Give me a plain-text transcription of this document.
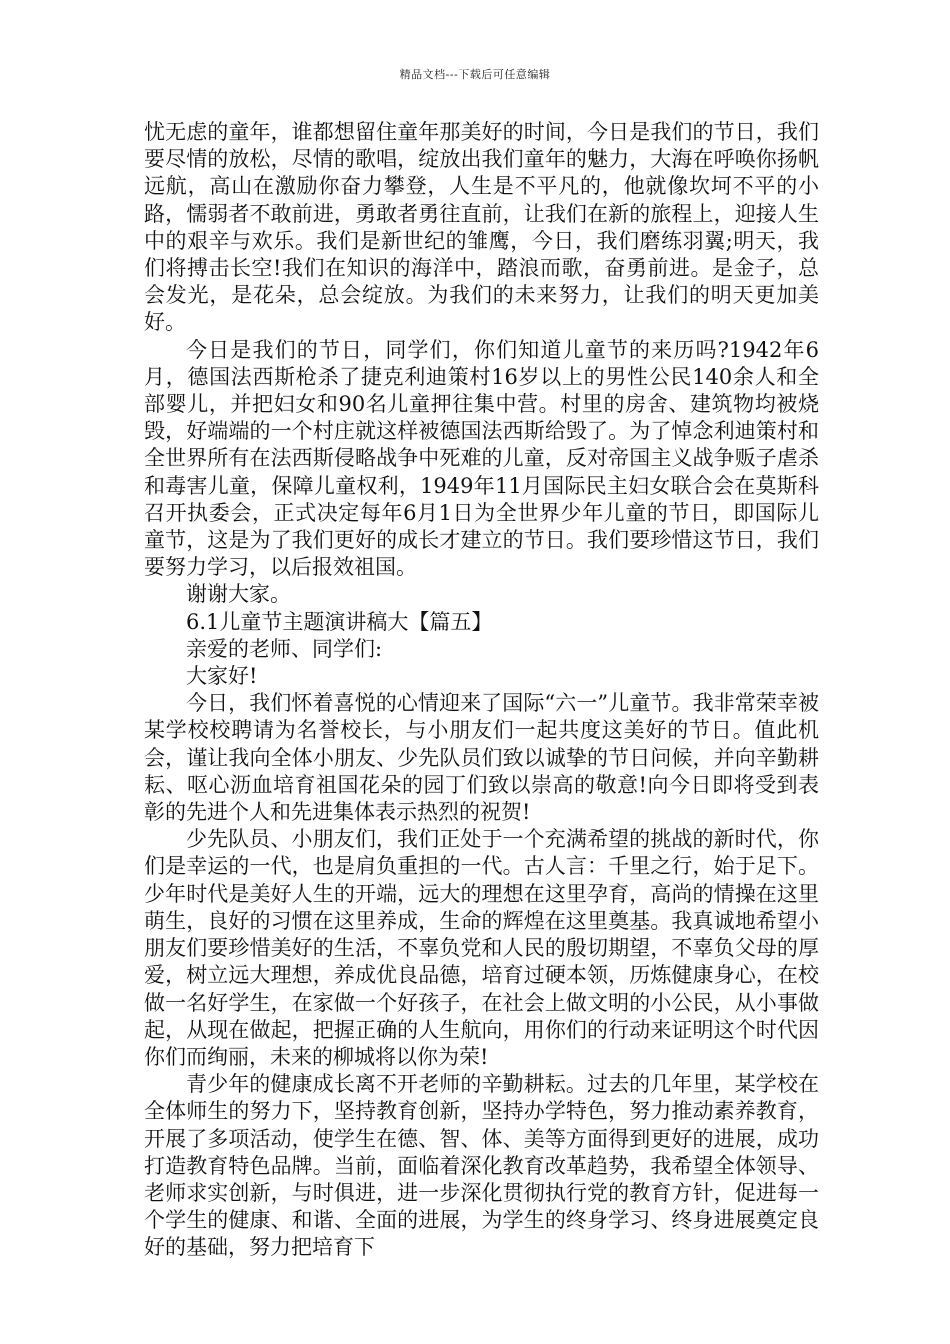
精品文档---下载后可任意编辑

忧无虑的童年，谁都想留住童年那美好的时间，今日是我们的节日，我们要尽情的放松，尽情的歌唱，绽放出我们童年的魅力，大海在呼唤你扬帆远航，高山在激励你奋力攀登，人生是不平凡的，他就像坎坷不平的小路，懦弱者不敢前进，勇敢者勇往直前，让我们在新的旅程上，迎接人生中的艰辛与欢乐。我们是新世纪的雏鹰，今日，我们磨练羽翼;明天，我们将搏击长空!我们在知识的海洋中，踏浪而歌，奋勇前进。是金子，总会发光，是花朵，总会绽放。为我们的未来努力，让我们的明天更加美好。

今日是我们的节日，同学们，你们知道儿童节的来历吗?1942年6月，德国法西斯枪杀了捷克利迪策村16岁以上的男性公民140余人和全部婴儿，并把妇女和90名儿童押往集中营。村里的房舍、建筑物均被烧毁，好端端的一个村庄就这样被德国法西斯给毁了。为了悼念利迪策村和全世界所有在法西斯侵略战争中死难的儿童，反对帝国主义战争贩子虐杀和毒害儿童，保障儿童权利，1949年11月国际民主妇女联合会在莫斯科召开执委会，正式决定每年6月1日为全世界少年儿童的节日，即国际儿童节，这是为了我们更好的成长才建立的节日。我们要珍惜这节日，我们要努力学习，以后报效祖国。

谢谢大家。

6.1儿童节主题演讲稿大【篇五】

亲爱的老师、同学们:

大家好!

今日，我们怀着喜悦的心情迎来了国际“六一”儿童节。我非常荣幸被某学校校聘请为名誉校长，与小朋友们一起共度这美好的节日。值此机会，谨让我向全体小朋友、少先队员们致以诚挚的节日问候，并向辛勤耕耘、呕心沥血培育祖国花朵的园丁们致以崇高的敬意!向今日即将受到表彰的先进个人和先进集体表示热烈的祝贺!

少先队员、小朋友们，我们正处于一个充满希望的挑战的新时代，你们是幸运的一代，也是肩负重担的一代。古人言：千里之行，始于足下。少年时代是美好人生的开端，远大的理想在这里孕育，高尚的情操在这里萌生，良好的习惯在这里养成，生命的辉煌在这里奠基。我真诚地希望小朋友们要珍惜美好的生活，不辜负党和人民的殷切期望，不辜负父母的厚爱，树立远大理想，养成优良品德，培育过硬本领，历炼健康身心，在校做一名好学生，在家做一个好孩子，在社会上做文明的小公民，从小事做起，从现在做起，把握正确的人生航向，用你们的行动来证明这个时代因你们而绚丽，未来的柳城将以你为荣!

青少年的健康成长离不开老师的辛勤耕耘。过去的几年里，某学校在全体师生的努力下，坚持教育创新，坚持办学特色，努力推动素养教育，开展了多项活动，使学生在德、智、体、美等方面得到更好的进展，成功打造教育特色品牌。当前，面临着深化教育改革趋势，我希望全体领导、老师求实创新，与时俱进，进一步深化贯彻执行党的教育方针，促进每一个学生的健康、和谐、全面的进展，为学生的终身学习、终身进展奠定良好的基础，努力把培育下
